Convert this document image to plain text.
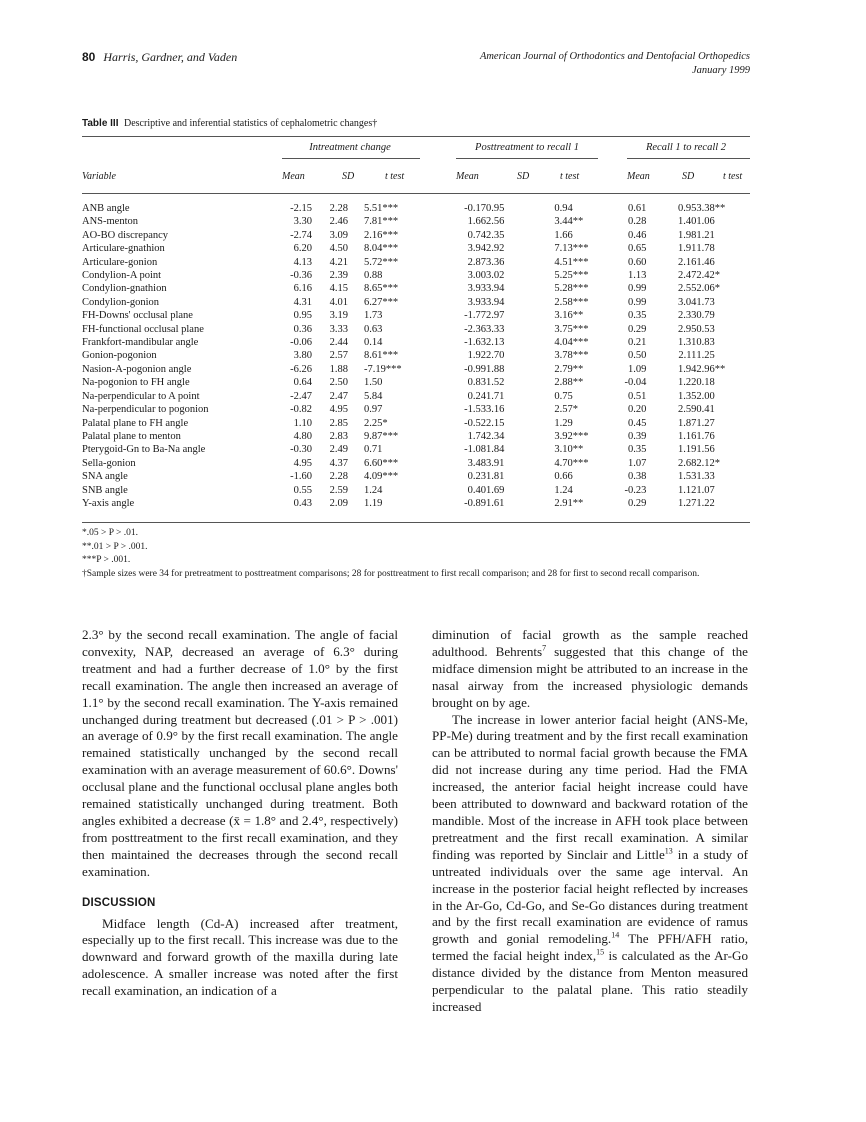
80 Harris, Gardner, and Vaden	American Journal of Orthodontics and Dentofacial Orthopedics
January 1999
Table III Descriptive and inferential statistics of cephalometric changes†
Intreatment change	Posttreatment to recall 1	Recall 1 to recall 2
Variable	Mean	SD	t test	Mean	SD	t test	Mean	SD	t test
ANB angle	-2.15	2.28		5.51***		-0.17	0.95		0.94		0.61	0.95		3.38**
ANS-menton	3.30	2.46		7.81***		1.66	2.56		3.44**		0.28	1.40		1.06
AO-BO discrepancy	-2.74	3.09		2.16***		0.74	2.35		1.66		0.46	1.98		1.21
Articulare-gnathion	6.20	4.50		8.04***		3.94	2.92		7.13***		0.65	1.91		1.78
Articulare-gonion	4.13	4.21		5.72***		2.87	3.36		4.51***		0.60	2.16		1.46
Condylion-A point	-0.36	2.39		0.88		3.00	3.02		5.25***		1.13	2.47		2.42*
Condylion-gnathion	6.16	4.15		8.65***		3.93	3.94		5.28***		0.99	2.55		2.06*
Condylion-gonion	4.31	4.01		6.27***		3.93	3.94		2.58***		0.99	3.04		1.73
FH-Downs' occlusal plane	0.95	3.19		1.73		-1.77	2.97		3.16**		0.35	2.33		0.79
FH-functional occlusal plane	0.36	3.33		0.63		-2.36	3.33		3.75***		0.29	2.95		0.53
Frankfort-mandibular angle	-0.06	2.44		0.14		-1.63	2.13		4.04***		0.21	1.31		0.83
Gonion-pogonion	3.80	2.57		8.61***		1.92	2.70		3.78***		0.50	2.11		1.25
Nasion-A-pogonion angle	-6.26	1.88		-7.19***		-0.99	1.88		2.79**		1.09	1.94		2.96**
Na-pogonion to FH angle	0.64	2.50		1.50		0.83	1.52		2.88**		-0.04	1.22		0.18
Na-perpendicular to A point	-2.47	2.47		5.84		0.24	1.71		0.75		0.51	1.35		2.00
Na-perpendicular to pogonion	-0.82	4.95		0.97		-1.53	3.16		2.57*		0.20	2.59		0.41
Palatal plane to FH angle	1.10	2.85		2.25*		-0.52	2.15		1.29		0.45	1.87		1.27
Palatal plane to menton	4.80	2.83		9.87***		1.74	2.34		3.92***		0.39	1.16		1.76
Pterygoid-Gn to Ba-Na angle	-0.30	2.49		0.71		-1.08	1.84		3.10**		0.35	1.19		1.56
Sella-gonion	4.95	4.37		6.60***		3.48	3.91		4.70***		1.07	2.68		2.12*
SNA angle	-1.60	2.28		4.09***		0.23	1.81		0.66		0.38	1.53		1.33
SNB angle	0.55	2.59		1.24		0.40	1.69		1.24		-0.23	1.12		1.07
Y-axis angle	0.43	2.09		1.19		-0.89	1.61		2.91**		0.29	1.27		1.22
*.05 > P > .01.
**.01 > P > .001.
***P > .001.
†Sample sizes were 34 for pretreatment to posttreatment comparisons; 28 for posttreatment to first recall comparison; and 28 for first to second recall comparison.

2.3° by the second recall examination. The angle of facial convexity, NAP, decreased an average of 6.3° during treatment and had a further decrease of 1.0° by the first recall examination. The angle then increased an average of 1.1° by the second recall examination. The Y-axis remained unchanged during treatment but decreased (.01 > P > .001) an average of 0.9° by the first recall examination. The angle remained statistically unchanged by the second recall examination with an average measurement of 60.6°. Downs' occlusal plane and the functional occlusal plane angles both remained statistically unchanged during treatment. Both angles exhibited a decrease (x̄ = 1.8° and 2.4°, respectively) from posttreatment to the first recall examination, and they then maintained the decreases through the second recall examination.

DISCUSSION

Midface length (Cd-A) increased after treatment, especially up to the first recall. This increase was due to the downward and forward growth of the maxilla during late adolescence. A smaller increase was noted after the first recall examination, an indication of a

diminution of facial growth as the sample reached adulthood. Behrents$^7$ suggested that this change of the midface dimension might be attributed to an increase in the nasal airway from the increased physiologic demands brought on by age.

The increase in lower anterior facial height (ANS-Me, PP-Me) during treatment and by the first recall examination can be attributed to normal facial growth because the FMA did not increase during any time period. Had the FMA increased, the anterior facial height increase could have been attributed to downward and backward rotation of the mandible. Most of the increase in AFH took place between pretreatment and the first recall examination. A similar finding was reported by Sinclair and Little$^{13}$ in a study of untreated individuals over the same age interval. An increase in the posterior facial height reflected by increases in the Ar-Go, Cd-Go, and Se-Go distances during treatment and by the first recall examination are evidence of ramus growth and gonial remodeling.$^{14}$ The PFH/AFH ratio, termed the facial height index,$^{15}$ is calculated as the Ar-Go distance divided by the distance from Menton measured perpendicular to the palatal plane. This ratio steadily increased
